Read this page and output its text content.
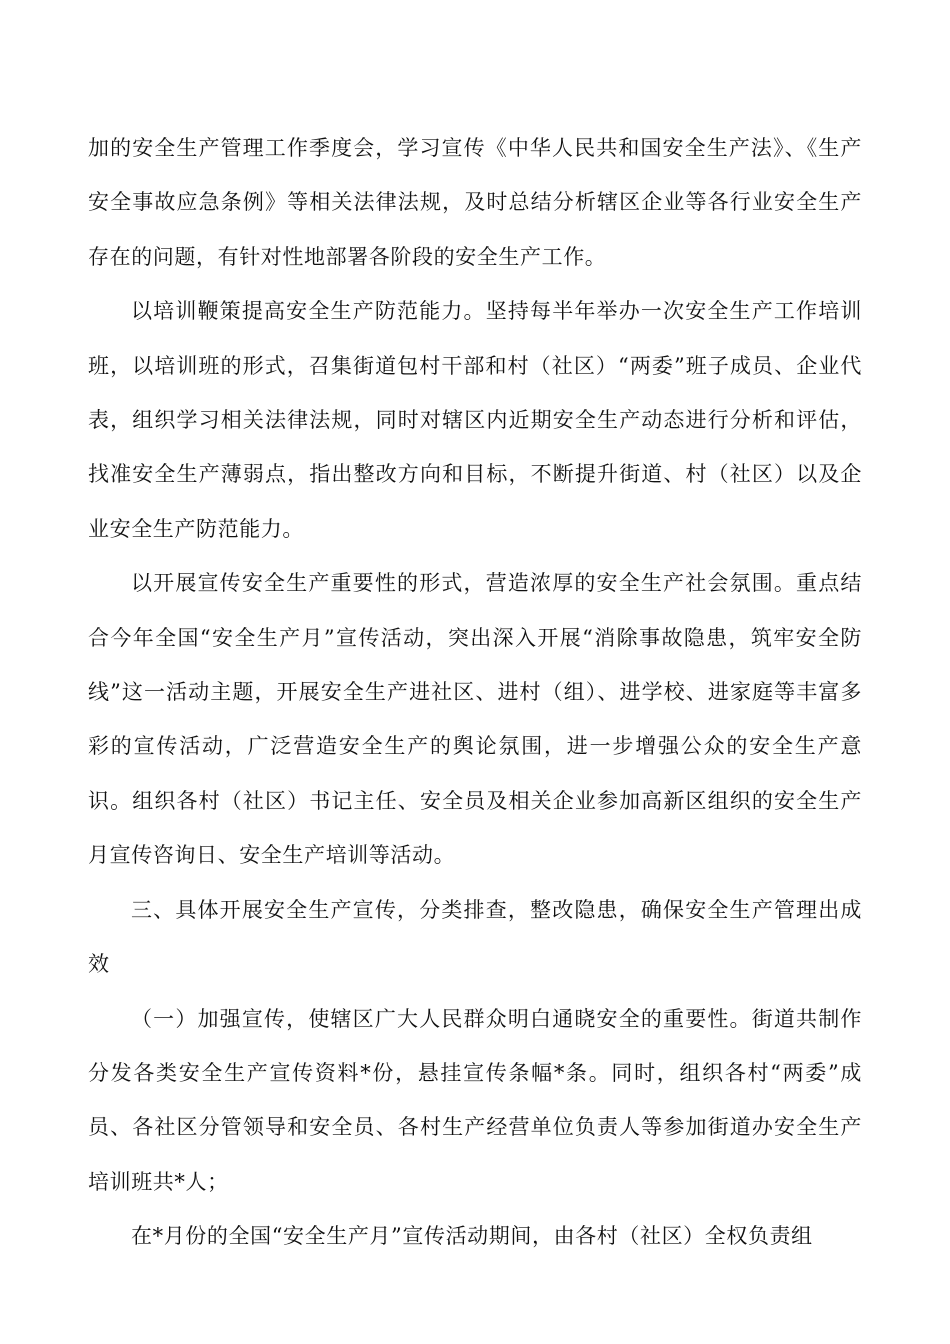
加的安全生产管理工作季度会，学习宣传《中华人民共和国安全生产法》、《生产安全事故应急条例》等相关法律法规，及时总结分析辖区企业等各行业安全生产存在的问题，有针对性地部署各阶段的安全生产工作。

以培训鞭策提高安全生产防范能力。坚持每半年举办一次安全生产工作培训班，以培训班的形式，召集街道包村干部和村（社区）“两委”班子成员、企业代表，组织学习相关法律法规，同时对辖区内近期安全生产动态进行分析和评估，找准安全生产薄弱点，指出整改方向和目标，不断提升街道、村（社区）以及企业安全生产防范能力。

以开展宣传安全生产重要性的形式，营造浓厚的安全生产社会氛围。重点结合今年全国“安全生产月”宣传活动，突出深入开展“消除事故隐患，筑牢安全防线”这一活动主题，开展安全生产进社区、进村（组）、进学校、进家庭等丰富多彩的宣传活动，广泛营造安全生产的舆论氛围，进一步增强公众的安全生产意识。组织各村（社区）书记主任、安全员及相关企业参加高新区组织的安全生产月宣传咨询日、安全生产培训等活动。

三、具体开展安全生产宣传，分类排查，整改隐患，确保安全生产管理出成效

（一）加强宣传，使辖区广大人民群众明白通晓安全的重要性。街道共制作分发各类安全生产宣传资料*份，悬挂宣传条幅*条。同时，组织各村“两委”成员、各社区分管领导和安全员、各村生产经营单位负责人等参加街道办安全生产培训班共*人；

在*月份的全国“安全生产月”宣传活动期间，由各村（社区）全权负责组
